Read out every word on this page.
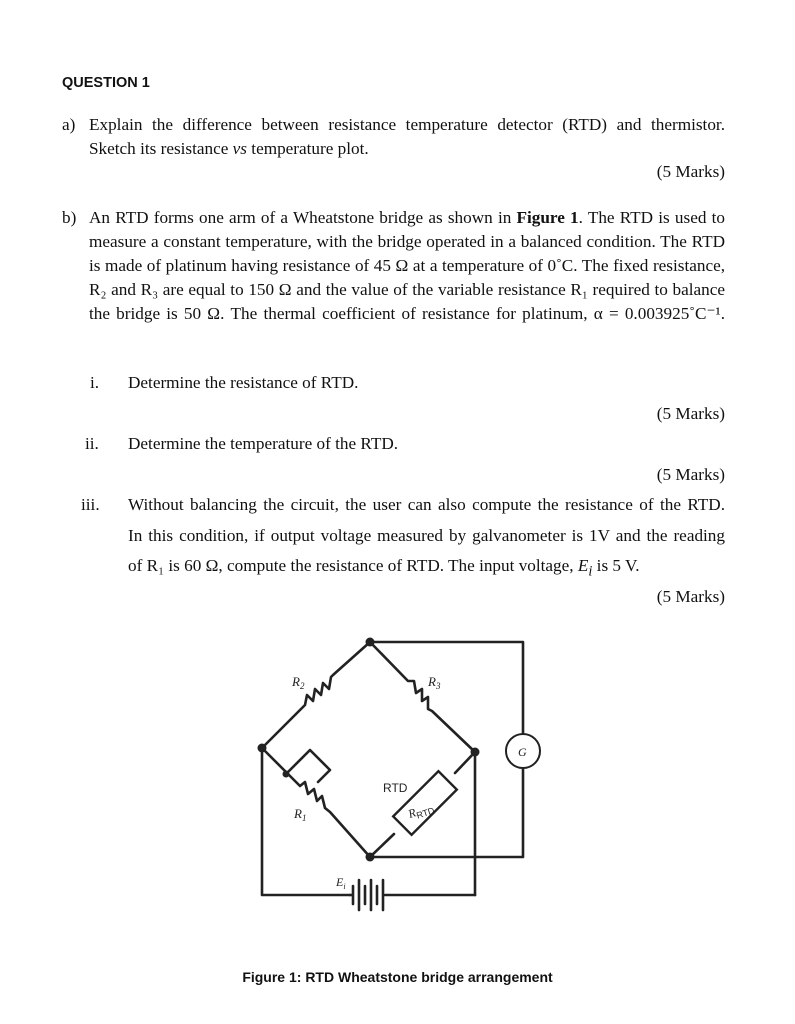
QUESTION 1
a) Explain the difference between resistance temperature detector (RTD) and thermistor.
Sketch its resistance vs temperature plot.
(5 Marks)
b) An RTD forms one arm of a Wheatstone bridge as shown in Figure 1. The RTD is used to
measure a constant temperature, with the bridge operated in a balanced condition. The RTD
is made of platinum having resistance of 45 Ω at a temperature of 0˚C. The fixed resistance,
R₂ and R₃ are equal to 150 Ω and the value of the variable resistance R₁ required to balance
the bridge is 50 Ω. The thermal coefficient of resistance for platinum, α = 0.003925˚C⁻¹.
i. Determine the resistance of RTD.
(5 Marks)
ii. Determine the temperature of the RTD.
(5 Marks)
iii. Without balancing the circuit, the user can also compute the resistance of the RTD.
In this condition, if output voltage measured by galvanometer is 1V and the reading
of R₁ is 60 Ω, compute the resistance of RTD. The input voltage, $E_i$ is 5 V.
(5 Marks)
$R_2$	$R_3$
$R_1$
RTD
$R_{RTD}$
G
$E_i$
Figure 1: RTD Wheatstone bridge arrangement
